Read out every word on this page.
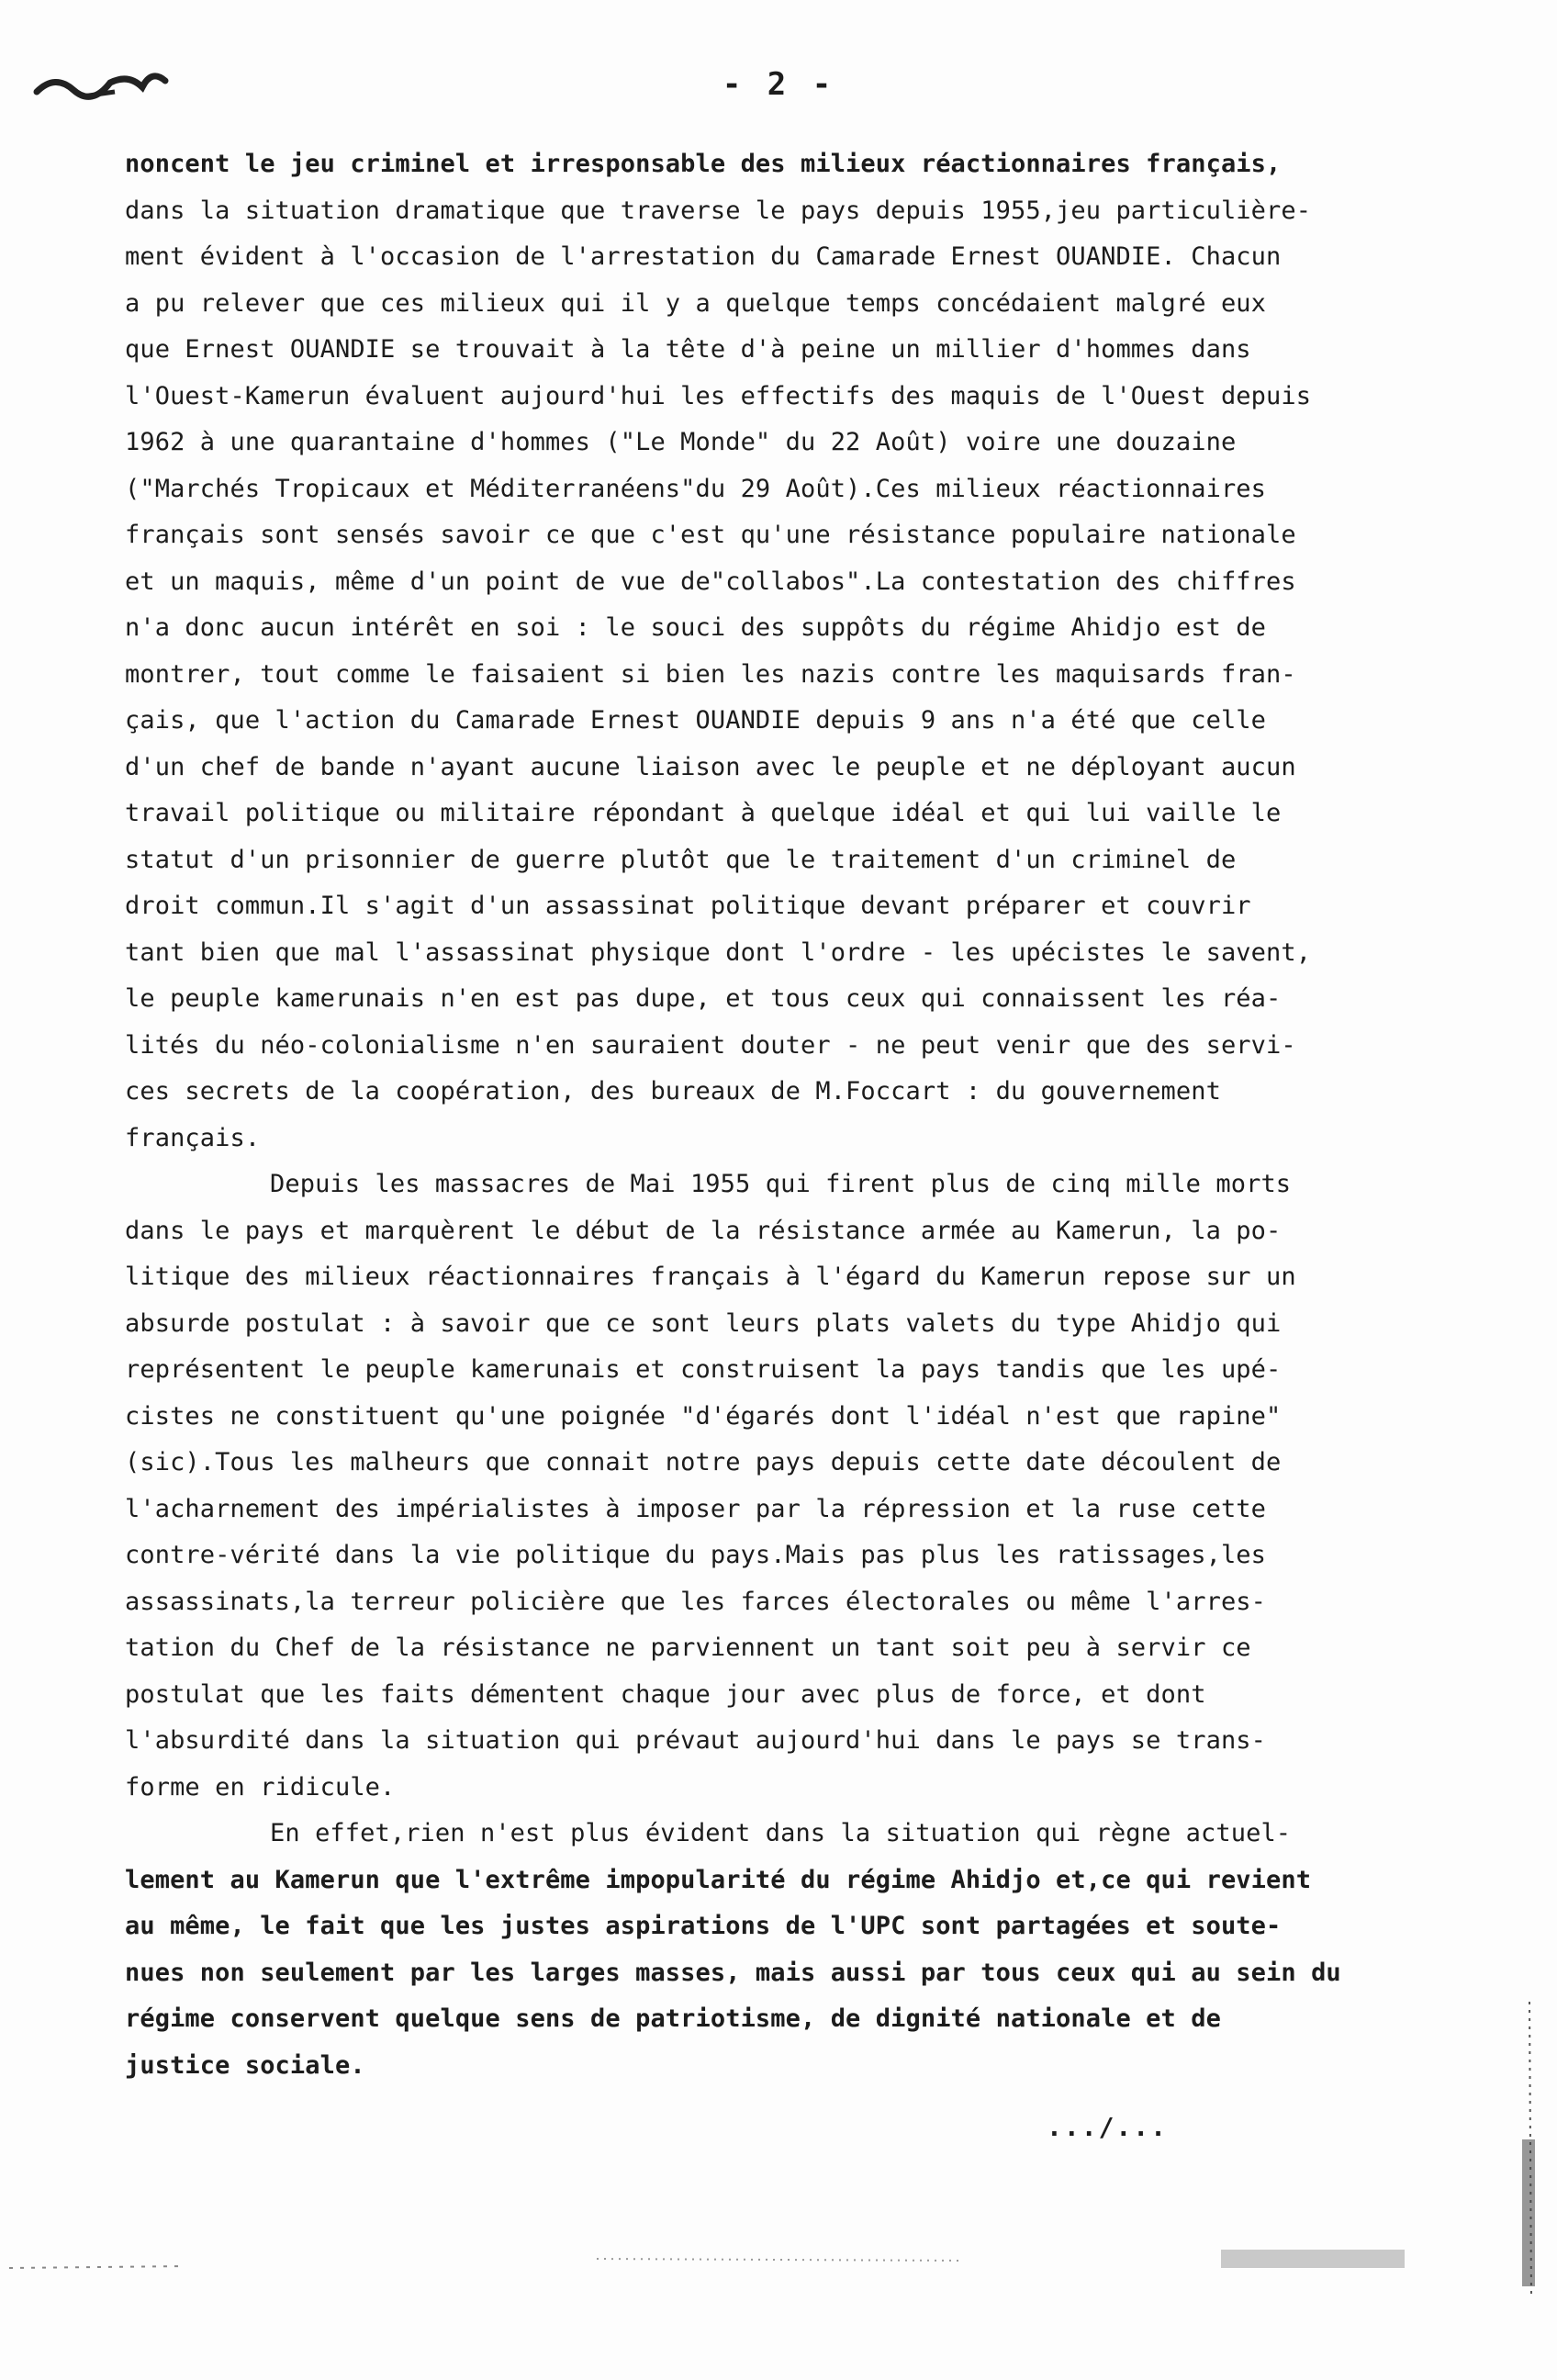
- 2 -
noncent le jeu criminel et irresponsable des milieux réactionnaires français,
dans la situation dramatique que traverse le pays depuis 1955,jeu particulière-
ment évident à l'occasion de l'arrestation du Camarade Ernest OUANDIE. Chacun
a pu relever que ces milieux qui il y a quelque temps concédaient malgré eux
que Ernest OUANDIE se trouvait à la tête d'à peine un millier d'hommes dans
l'Ouest-Kamerun évaluent aujourd'hui les effectifs des maquis de l'Ouest depuis
1962 à une quarantaine d'hommes ("Le Monde" du 22 Août) voire une douzaine
("Marchés Tropicaux et Méditerranéens"du 29 Août).Ces milieux réactionnaires
français sont sensés savoir ce que c'est qu'une résistance populaire nationale
et un maquis, même d'un point de vue de"collabos".La contestation des chiffres
n'a donc aucun intérêt en soi : le souci des suppôts du régime Ahidjo est de
montrer, tout comme le faisaient si bien les nazis contre les maquisards fran-
çais, que l'action du Camarade Ernest OUANDIE depuis 9 ans n'a été que celle
d'un chef de bande n'ayant aucune liaison avec le peuple et ne déployant aucun
travail politique ou militaire répondant à quelque idéal et qui lui vaille le
statut d'un prisonnier de guerre plutôt que le traitement d'un criminel de
droit commun.Il s'agit d'un assassinat politique devant préparer et couvrir
tant bien que mal l'assassinat physique dont l'ordre - les upécistes le savent,
le peuple kamerunais n'en est pas dupe, et tous ceux qui connaissent les réa-
lités du néo-colonialisme n'en sauraient douter - ne peut venir que des servi-
ces secrets de la coopération, des bureaux de M.Foccart : du gouvernement
français.
Depuis les massacres de Mai 1955 qui firent plus de cinq mille morts
dans le pays et marquèrent le début de la résistance armée au Kamerun, la po-
litique des milieux réactionnaires français à l'égard du Kamerun repose sur un
absurde postulat : à savoir que ce sont leurs plats valets du type Ahidjo qui
représentent le peuple kamerunais et construisent la pays tandis que les upé-
cistes ne constituent qu'une poignée "d'égarés dont l'idéal n'est que rapine"
(sic).Tous les malheurs que connait notre pays depuis cette date découlent de
l'acharnement des impérialistes à imposer par la répression et la ruse cette
contre-vérité dans la vie politique du pays.Mais pas plus les ratissages,les
assassinats,la terreur policière que les farces électorales ou même l'arres-
tation du Chef de la résistance ne parviennent un tant soit peu à servir ce
postulat que les faits démentent chaque jour avec plus de force, et dont
l'absurdité dans la situation qui prévaut aujourd'hui dans le pays se trans-
forme en ridicule.
En effet,rien n'est plus évident dans la situation qui règne actuel-
lement au Kamerun que l'extrême impopularité du régime Ahidjo et,ce qui revient
au même, le fait que les justes aspirations de l'UPC sont partagées et soute-
nues non seulement par les larges masses, mais aussi par tous ceux qui au sein du
régime conservent quelque sens de patriotisme, de dignité nationale et de
justice sociale.
.../...
